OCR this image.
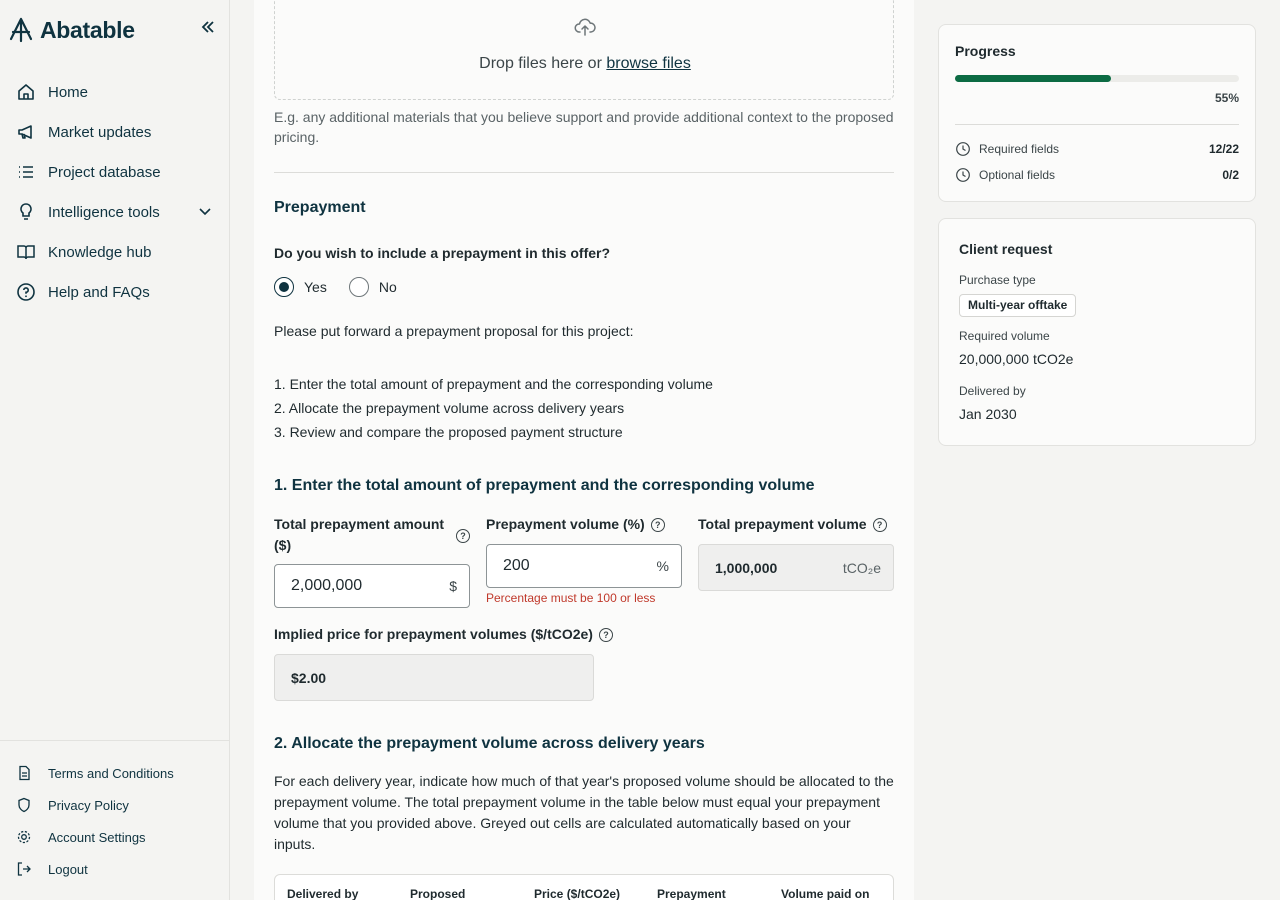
Abatable
Home
Market updates
Project database
Intelligence tools
Knowledge hub
Help and FAQs
Terms and Conditions
Privacy Policy
Account Settings
Logout
Drop files here or browse files
E.g. any additional materials that you believe support and provide additional context to the proposed pricing.
Prepayment
Do you wish to include a prepayment in this offer?
Yes	No
Please put forward a prepayment proposal for this project:
1. Enter the total amount of prepayment and the corresponding volume
2. Allocate the prepayment volume across delivery years
3. Review and compare the proposed payment structure
1. Enter the total amount of prepayment and the corresponding volume
Total prepayment amount ($)
?
2,000,000	$
Prepayment volume (%) ?
200	%
Percentage must be 100 or less
Total prepayment volume ?
1,000,000	tCO₂e
Implied price for prepayment volumes ($/tCO2e) ?
$2.00
2. Allocate the prepayment volume across delivery years
For each delivery year, indicate how much of that year's proposed volume should be allocated to the prepayment volume. The total prepayment volume in the table below must equal your prepayment volume that you provided above. Greyed out cells are calculated automatically based on your inputs.
Delivered by	Proposed	Price ($/tCO2e)	Prepayment	Volume paid on
Progress
55%
Required fields	12/22
Optional fields	0/2
Client request
Purchase type
Multi-year offtake
Required volume
20,000,000 tCO2e
Delivered by
Jan 2030
